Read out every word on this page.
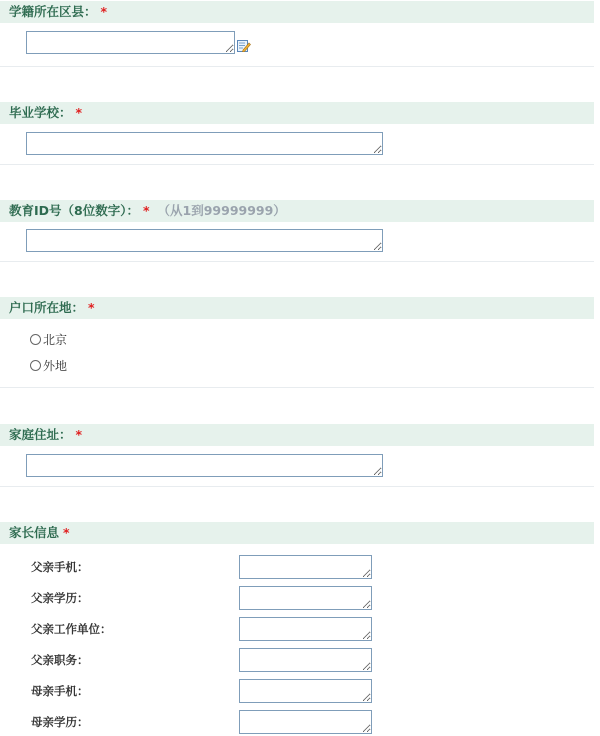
学籍所在区县： *
毕业学校： *
教育ID号（8位数字）： * （从1到99999999）
户口所在地： *
北京
外地
家庭住址： *
家长信息 *
父亲手机：
父亲学历：
父亲工作单位：
父亲职务：
母亲手机：
母亲学历：
